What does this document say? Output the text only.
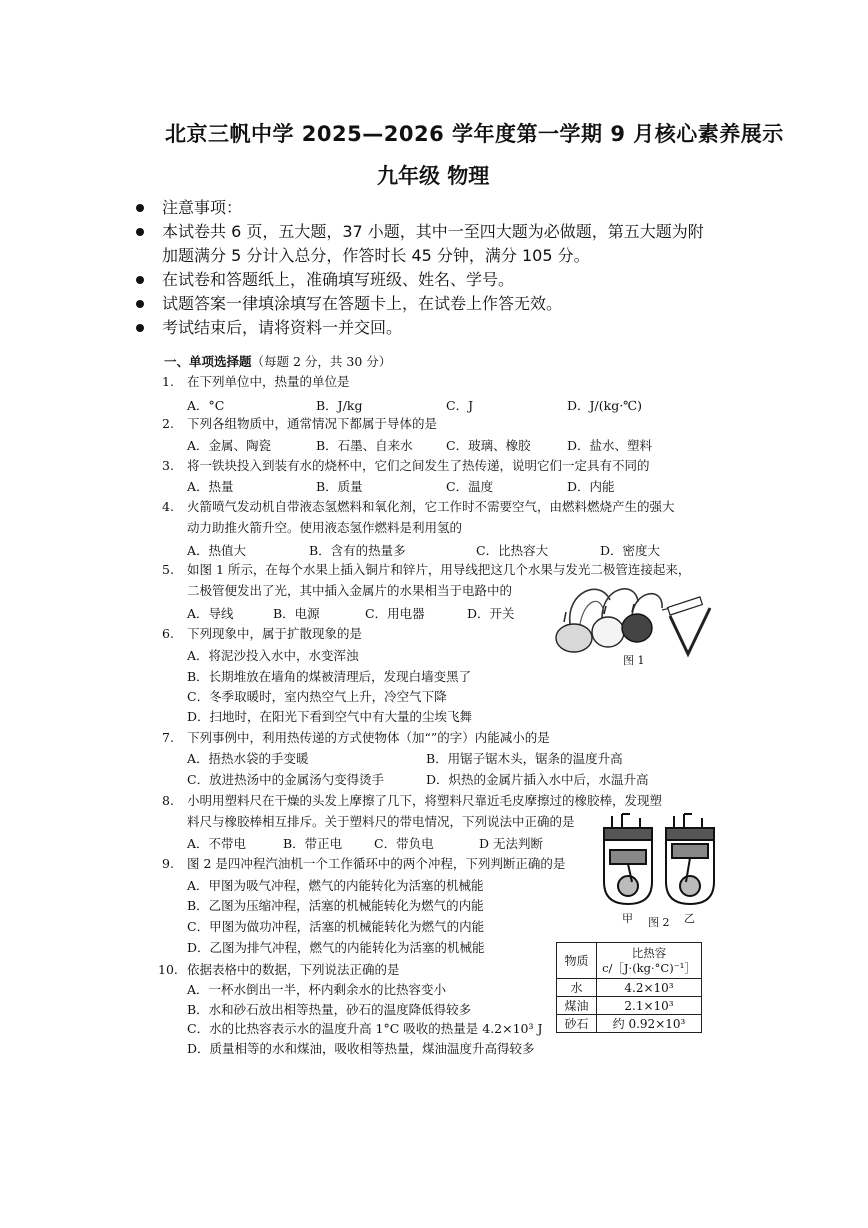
北京三帆中学 2025—2026 学年度第一学期 9 月核心素养展示
九年级 物理
注意事项：
本试卷共 6 页，五大题，37 小题，其中一至四大题为必做题，第五大题为附
加题满分 5 分计入总分，作答时长 45 分钟，满分 105 分。
在试卷和答题纸上，准确填写班级、姓名、学号。
试题答案一律填涂填写在答题卡上，在试卷上作答无效。
考试结束后，请将资料一并交回。
一、单项选择题（每题 2 分，共 30 分）
1. 在下列单位中，热量的单位是
A．°C	B．J/kg	C．J	D．J/(kg·℃)
2. 下列各组物质中，通常情况下都属于导体的是
A．金属、陶瓷	B．石墨、自来水	C．玻璃、橡胶	D．盐水、塑料
3. 将一铁块投入到装有水的烧杯中，它们之间发生了热传递，说明它们一定具有不同的
A．热量	B．质量	C．温度	D．内能
4. 火箭喷气发动机自带液态氢燃料和氧化剂，它工作时不需要空气，由燃料燃烧产生的强大
动力助推火箭升空。使用液态氢作燃料是利用氢的
A．热值大	B．含有的热量多	C．比热容大	D．密度大
5. 如图 1 所示，在每个水果上插入铜片和锌片，用导线把这几个水果与发光二极管连接起来，
二极管便发出了光，其中插入金属片的水果相当于电路中的
A．导线	B．电源	C．用电器	D．开关
图 1
6. 下列现象中，属于扩散现象的是
A．将泥沙投入水中，水变浑浊
B．长期堆放在墙角的煤被清理后，发现白墙变黑了
C．冬季取暖时，室内热空气上升，冷空气下降
D．扫地时，在阳光下看到空气中有大量的尘埃飞舞
7. 下列事例中，利用热传递的方式使物体（加“”的字）内能减小的是
A．捂热水袋的手变暖	B．用锯子锯木头，锯条的温度升高
C．放进热汤中的金属汤勺变得烫手	D．炽热的金属片插入水中后，水温升高
8. 小明用塑料尺在干燥的头发上摩擦了几下，将塑料尺靠近毛皮摩擦过的橡胶棒，发现塑
料尺与橡胶棒相互排斥。关于塑料尺的带电情况，下列说法中正确的是
A．不带电	B．带正电	C．带负电	D 无法判断
9. 图 2 是四冲程汽油机一个工作循环中的两个冲程，下列判断正确的是
A．甲图为吸气冲程，燃气的内能转化为活塞的机械能
B．乙图为压缩冲程，活塞的机械能转化为燃气的内能
C．甲图为做功冲程，活塞的机械能转化为燃气的内能
D．乙图为排气冲程，燃气的内能转化为活塞的机械能
甲 图 2 乙
10. 依据表格中的数据，下列说法正确的是
A．一杯水倒出一半，杯内剩余水的比热容变小
B．水和砂石放出相等热量，砂石的温度降低得较多
C．水的比热容表示水的温度升高 1°C 吸收的热量是 4.2×10³ J
D．质量相等的水和煤油，吸收相等热量，煤油温度升高得较多
物质	比热容
c/［J·(kg·°C)⁻¹］
水	4.2×10³
煤油	2.1×10³
砂石	约 0.92×10³
